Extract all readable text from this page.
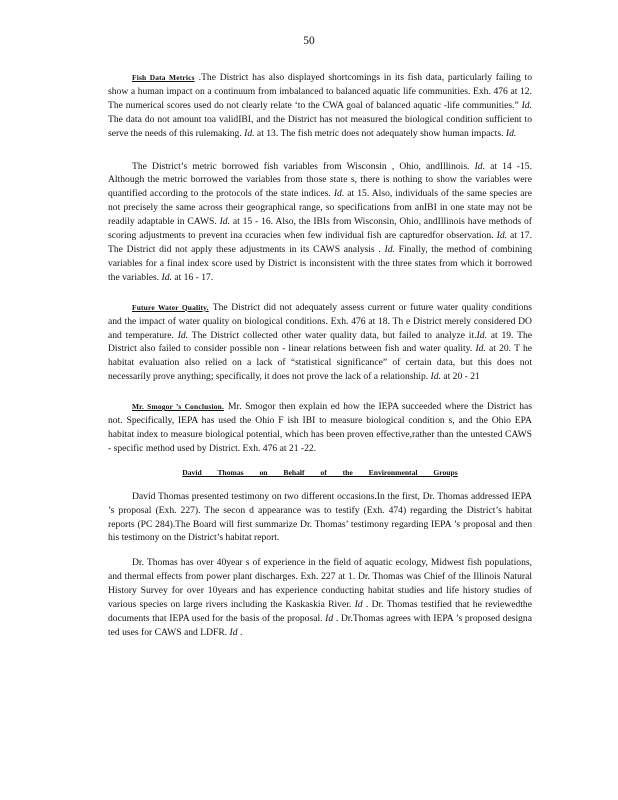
50

Fish Data Metrics .The District has also displayed shortcomings in its fish data, particularly failing to show a human impact on a continuum from imbalanced to balanced aquatic life communities. Exh. 476 at 12. The numerical scores used do not clearly relate ‘to the CWA goal of balanced aquatic -life communities.” Id. The data do not amount toa validIBI, and the District has not measured the biological condition sufficient to serve the needs of this rulemaking. Id. at 13. The fish metric does not adequately show human impacts. Id.

The District’s metric borrowed fish variables from Wisconsin , Ohio, andIllinois. Id. at 14 -15. Although the metric borrowed the variables from those state s, there is nothing to show the variables were quantified according to the protocols of the state indices. Id. at 15. Also, individuals of the same species are not precisely the same across their geographical range, so specifications from anIBI in one state may not be readily adaptable in CAWS. Id. at 15 - 16. Also, the IBIs from Wisconsin, Ohio, andIllinois have methods of scoring adjustments to prevent ina ccuracies when few individual fish are capturedfor observation. Id. at 17. The District did not apply these adjustments in its CAWS analysis . Id. Finally, the method of combining variables for a final index score used by District is inconsistent with the three states from which it borrowed the variables. Id. at 16 - 17.

Future Water Quality. The District did not adequately assess current or future water quality conditions and the impact of water quality on biological conditions. Exh. 476 at 18. Th e District merely considered DO and temperature. Id. The District collected other water quality data, but failed to analyze it.Id. at 19. The District also failed to consider possible non - linear relations between fish and water quality. Id. at 20. T he habitat evaluation also relied on a lack of “statistical significance” of certain data, but this does not necessarily prove anything; specifically, it does not prove the lack of a relationship. Id. at 20 - 21

Mr. Smogor ’s Conclusion. Mr. Smogor then explain ed how the IEPA succeeded where the District has not. Specifically, IEPA has used the Ohio F ish IBI to measure biological condition s, and the Ohio EPA habitat index to measure biological potential, which has been proven effective,rather than the untested CAWS - specific method used by District. Exh. 476 at 21 -22.

David Thomas on Behalf of the Environmental Groups

David Thomas presented testimony on two different occasions.In the first, Dr. Thomas addressed IEPA ’s proposal (Exh. 227). The secon d appearance was to testify (Exh. 474) regarding the District’s habitat reports (PC 284).The Board will first summarize Dr. Thomas’ testimony regarding IEPA ’s proposal and then his testimony on the District’s habitat report.

Dr. Thomas has over 40year s of experience in the field of aquatic ecology, Midwest fish populations, and thermal effects from power plant discharges. Exh. 227 at 1. Dr. Thomas was Chief of the Illinois Natural History Survey for over 10years and has experience conducting habitat studies and life history studies of various species on large rivers including the Kaskaskia River. Id . Dr. Thomas testified that he reviewedthe documents that IEPA used for the basis of the proposal. Id . Dr.Thomas agrees with IEPA ’s proposed designa ted uses for CAWS and LDFR. Id .
